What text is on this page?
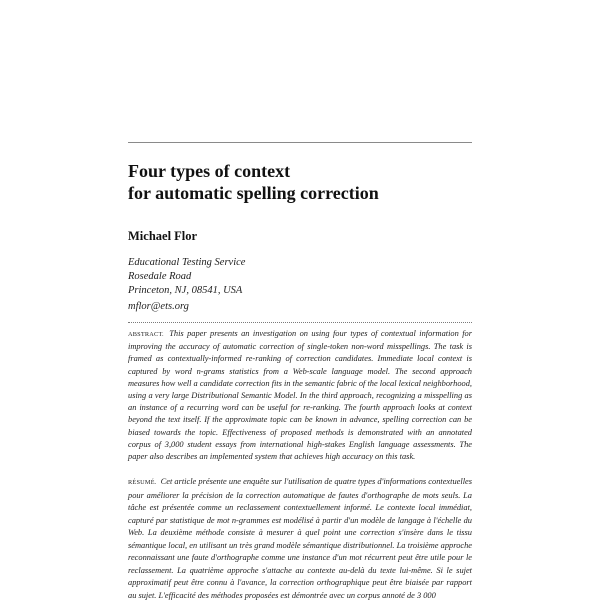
Four types of context
for automatic spelling correction
Michael Flor
Educational Testing Service
Rosedale Road
Princeton, NJ, 08541, USA
mflor@ets.org

ABSTRACT. This paper presents an investigation on using four types of contextual information for improving the accuracy of automatic correction of single-token non-word misspellings. The task is framed as contextually-informed re-ranking of correction candidates. Immediate local context is captured by word n-grams statistics from a Web-scale language model. The second approach measures how well a candidate correction fits in the semantic fabric of the local lexical neighborhood, using a very large Distributional Semantic Model. In the third approach, recognizing a misspelling as an instance of a recurring word can be useful for re-ranking. The fourth approach looks at context beyond the text itself. If the approximate topic can be known in advance, spelling correction can be biased towards the topic. Effectiveness of proposed methods is demonstrated with an annotated corpus of 3,000 student essays from international high-stakes English language assessments. The paper also describes an implemented system that achieves high accuracy on this task.

RÉSUMÉ. Cet article présente une enquête sur l'utilisation de quatre types d'informations contextuelles pour améliorer la précision de la correction automatique de fautes d'orthographe de mots seuls. La tâche est présentée comme un reclassement contextuellement informé. Le contexte local immédiat, capturé par statistique de mot n-grammes est modélisé à partir d'un modèle de langage à l'échelle du Web. La deuxième méthode consiste à mesurer à quel point une correction s'insère dans le tissu sémantique local, en utilisant un très grand modèle sémantique distributionnel. La troisième approche reconnaissant une faute d'orthographe comme une instance d'un mot récurrent peut être utile pour le reclassement. La quatrième approche s'attache au contexte au-delà du texte lui-même. Si le sujet approximatif peut être connu à l'avance, la correction orthographique peut être biaisée par rapport au sujet. L'efficacité des méthodes proposées est démontrée avec un corpus annoté de 3 000
